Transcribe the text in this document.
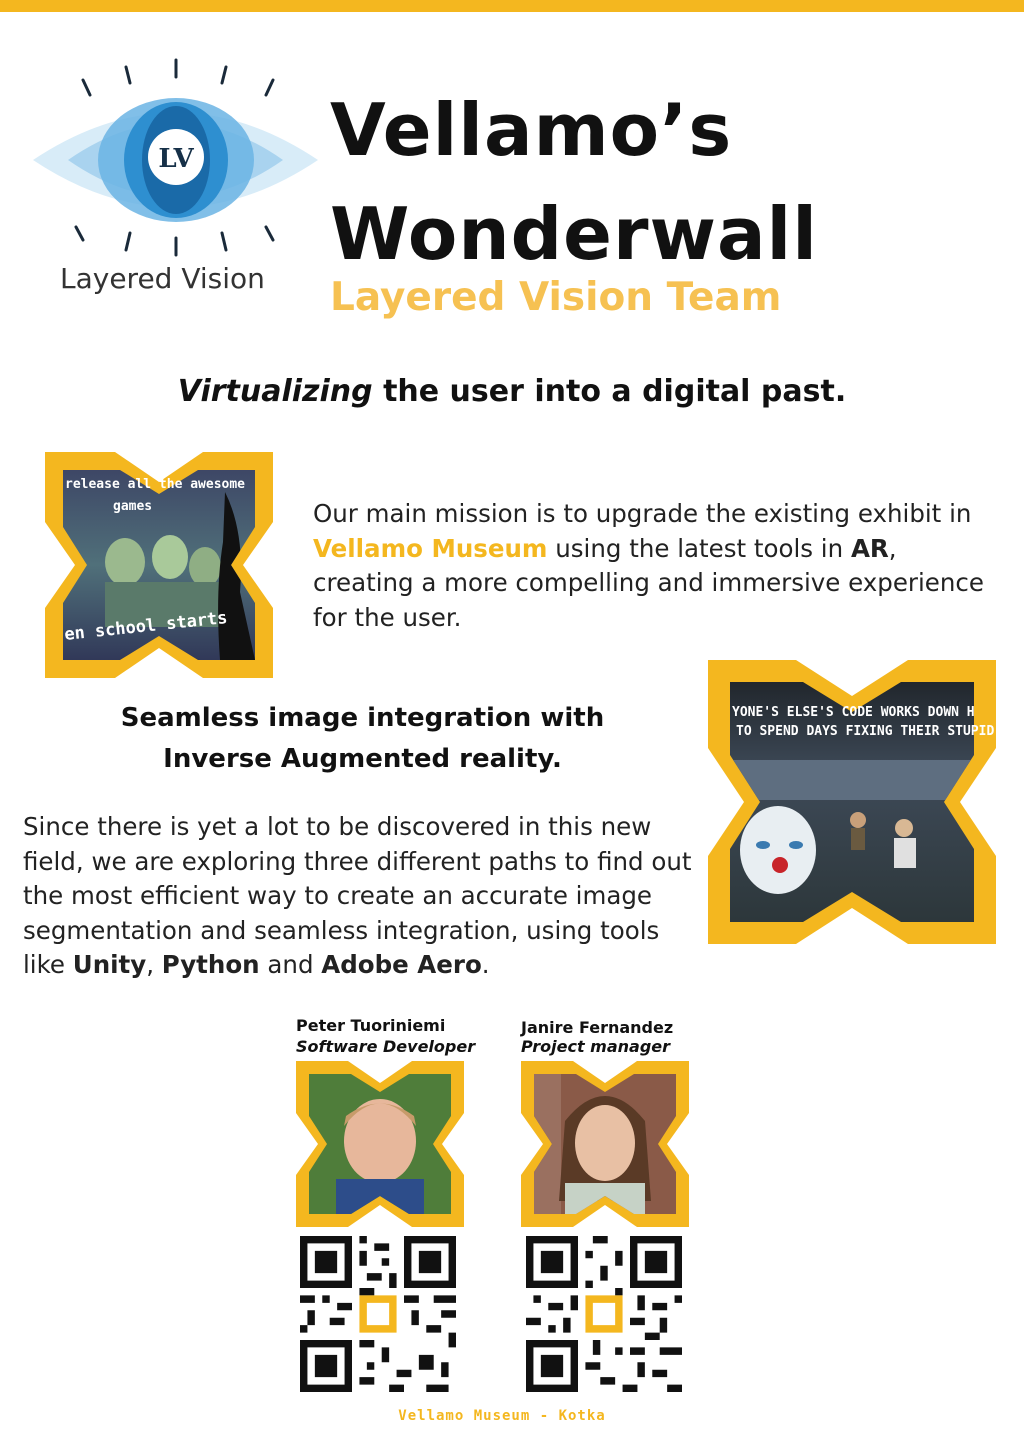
LV
Layered Vision
Vellamo’s
Wonderwall
Layered Vision Team

Virtualizing the user into a digital past.

release all the awesome
games
en school starts

Our main mission is to upgrade the existing exhibit in Vellamo Museum using the latest tools in AR, creating a more compelling and immersive experience for the user.

YONE'S ELSE'S CODE WORKS DOWN H
TO SPEND DAYS FIXING THEIR STUPID
Seamless image integration with
Inverse Augmented reality.

Since there is yet a lot to be discovered in this new field, we are exploring three different paths to find out the most efficient way to create an accurate image segmentation and seamless integration, using tools like Unity, Python and Adobe Aero.

Peter Tuoriniemi
Software Developer
Janire Fernandez
Project manager
Vellamo Museum - Kotka
